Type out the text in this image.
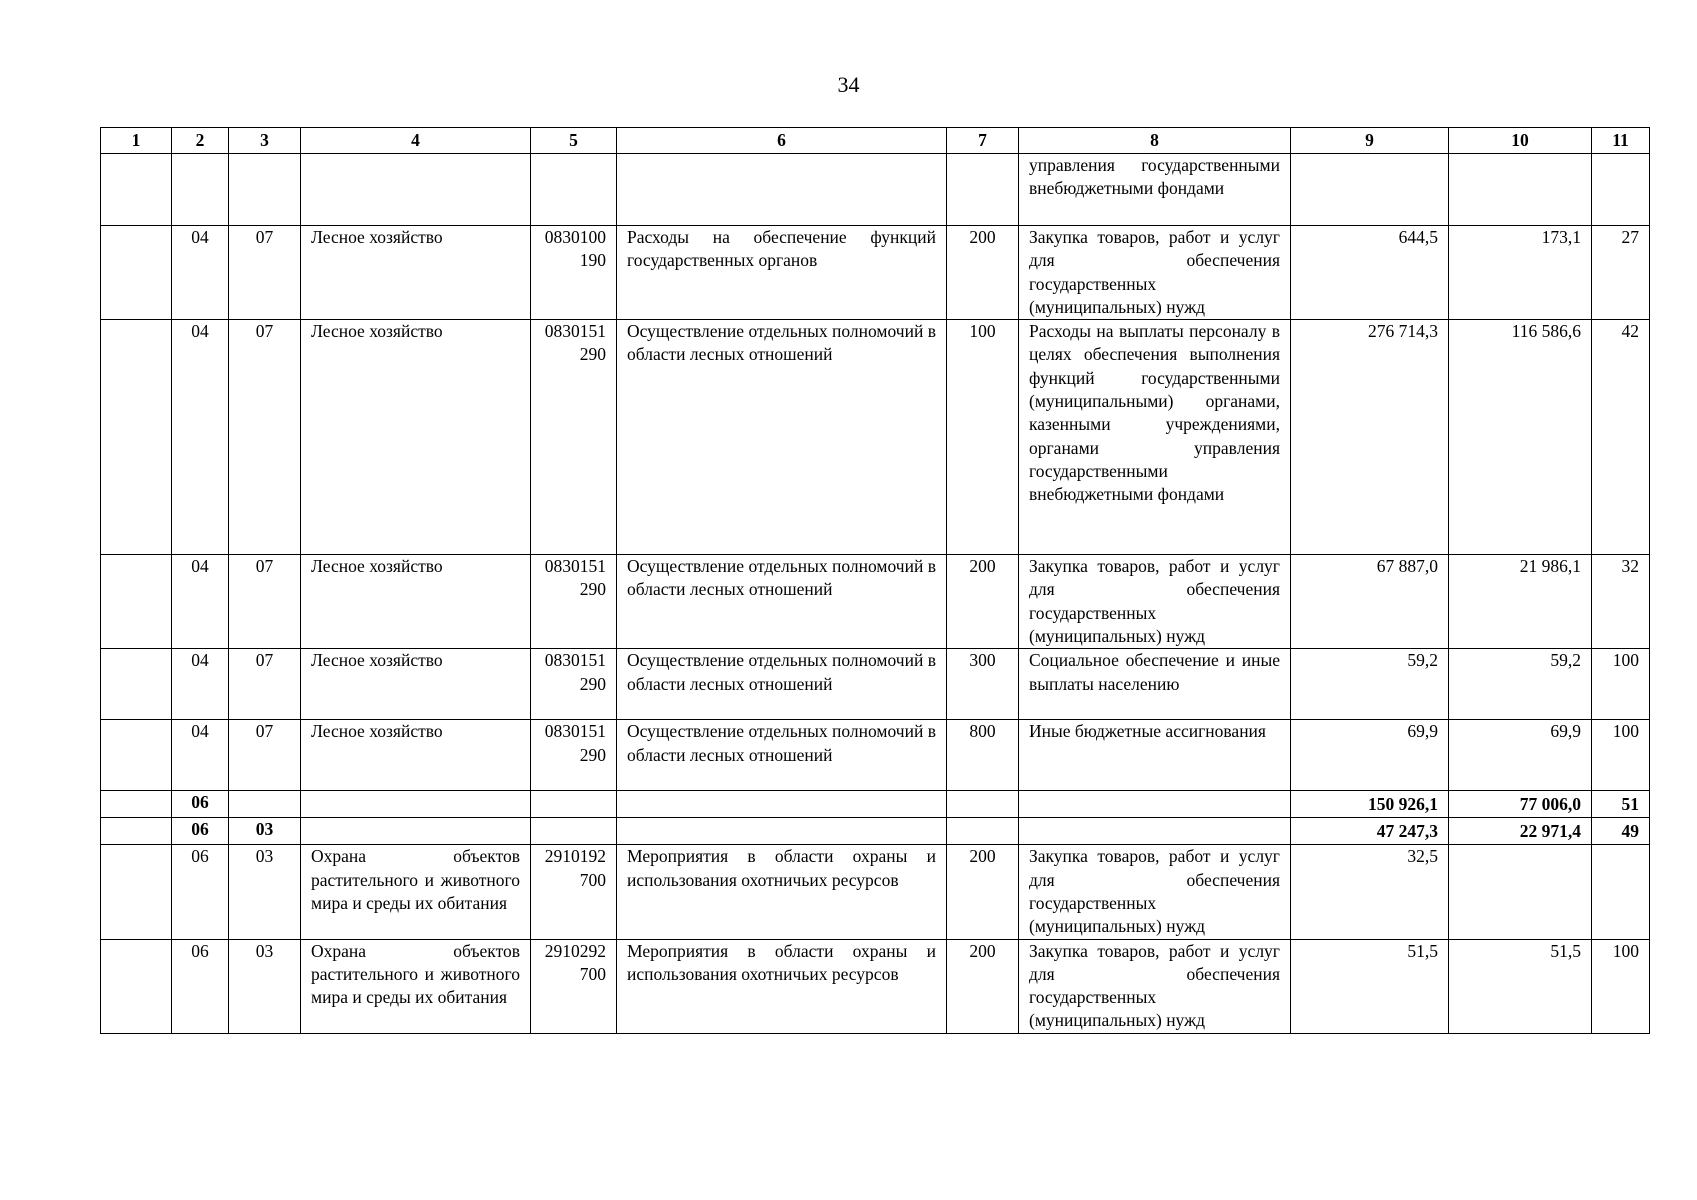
34
1	2	3	4	5	6	7	8	9	10	11
							управления государственными внебюджетными фондами			
	04	07	Лесное хозяйство	0830100190	Расходы на обеспечение функций государственных органов	200	Закупка товаров, работ и услуг для обеспечения государственных (муниципальных) нужд	644,5	173,1	27
	04	07	Лесное хозяйство	0830151290	Осуществление отдельных полномочий в области лесных отношений	100	Расходы на выплаты персоналу в целях обеспечения выполнения функций государственными (муниципальными) органами, казенными учреждениями, органами управления государственными внебюджетными фондами	276 714,3	116 586,6	42
	04	07	Лесное хозяйство	0830151290	Осуществление отдельных полномочий в области лесных отношений	200	Закупка товаров, работ и услуг для обеспечения государственных (муниципальных) нужд	67 887,0	21 986,1	32
	04	07	Лесное хозяйство	0830151290	Осуществление отдельных полномочий в области лесных отношений	300	Социальное обеспечение и иные выплаты населению	59,2	59,2	100
	04	07	Лесное хозяйство	0830151290	Осуществление отдельных полномочий в области лесных отношений	800	Иные бюджетные ассигнования	69,9	69,9	100
	06							150 926,1	77 006,0	51
	06	03						47 247,3	22 971,4	49
	06	03	Охрана объектов растительного и животного мира и среды их обитания	2910192700	Мероприятия в области охраны и использования охотничьих ресурсов	200	Закупка товаров, работ и услуг для обеспечения государственных (муниципальных) нужд	32,5		
	06	03	Охрана объектов растительного и животного мира и среды их обитания	2910292700	Мероприятия в области охраны и использования охотничьих ресурсов	200	Закупка товаров, работ и услуг для обеспечения государственных (муниципальных) нужд	51,5	51,5	100
